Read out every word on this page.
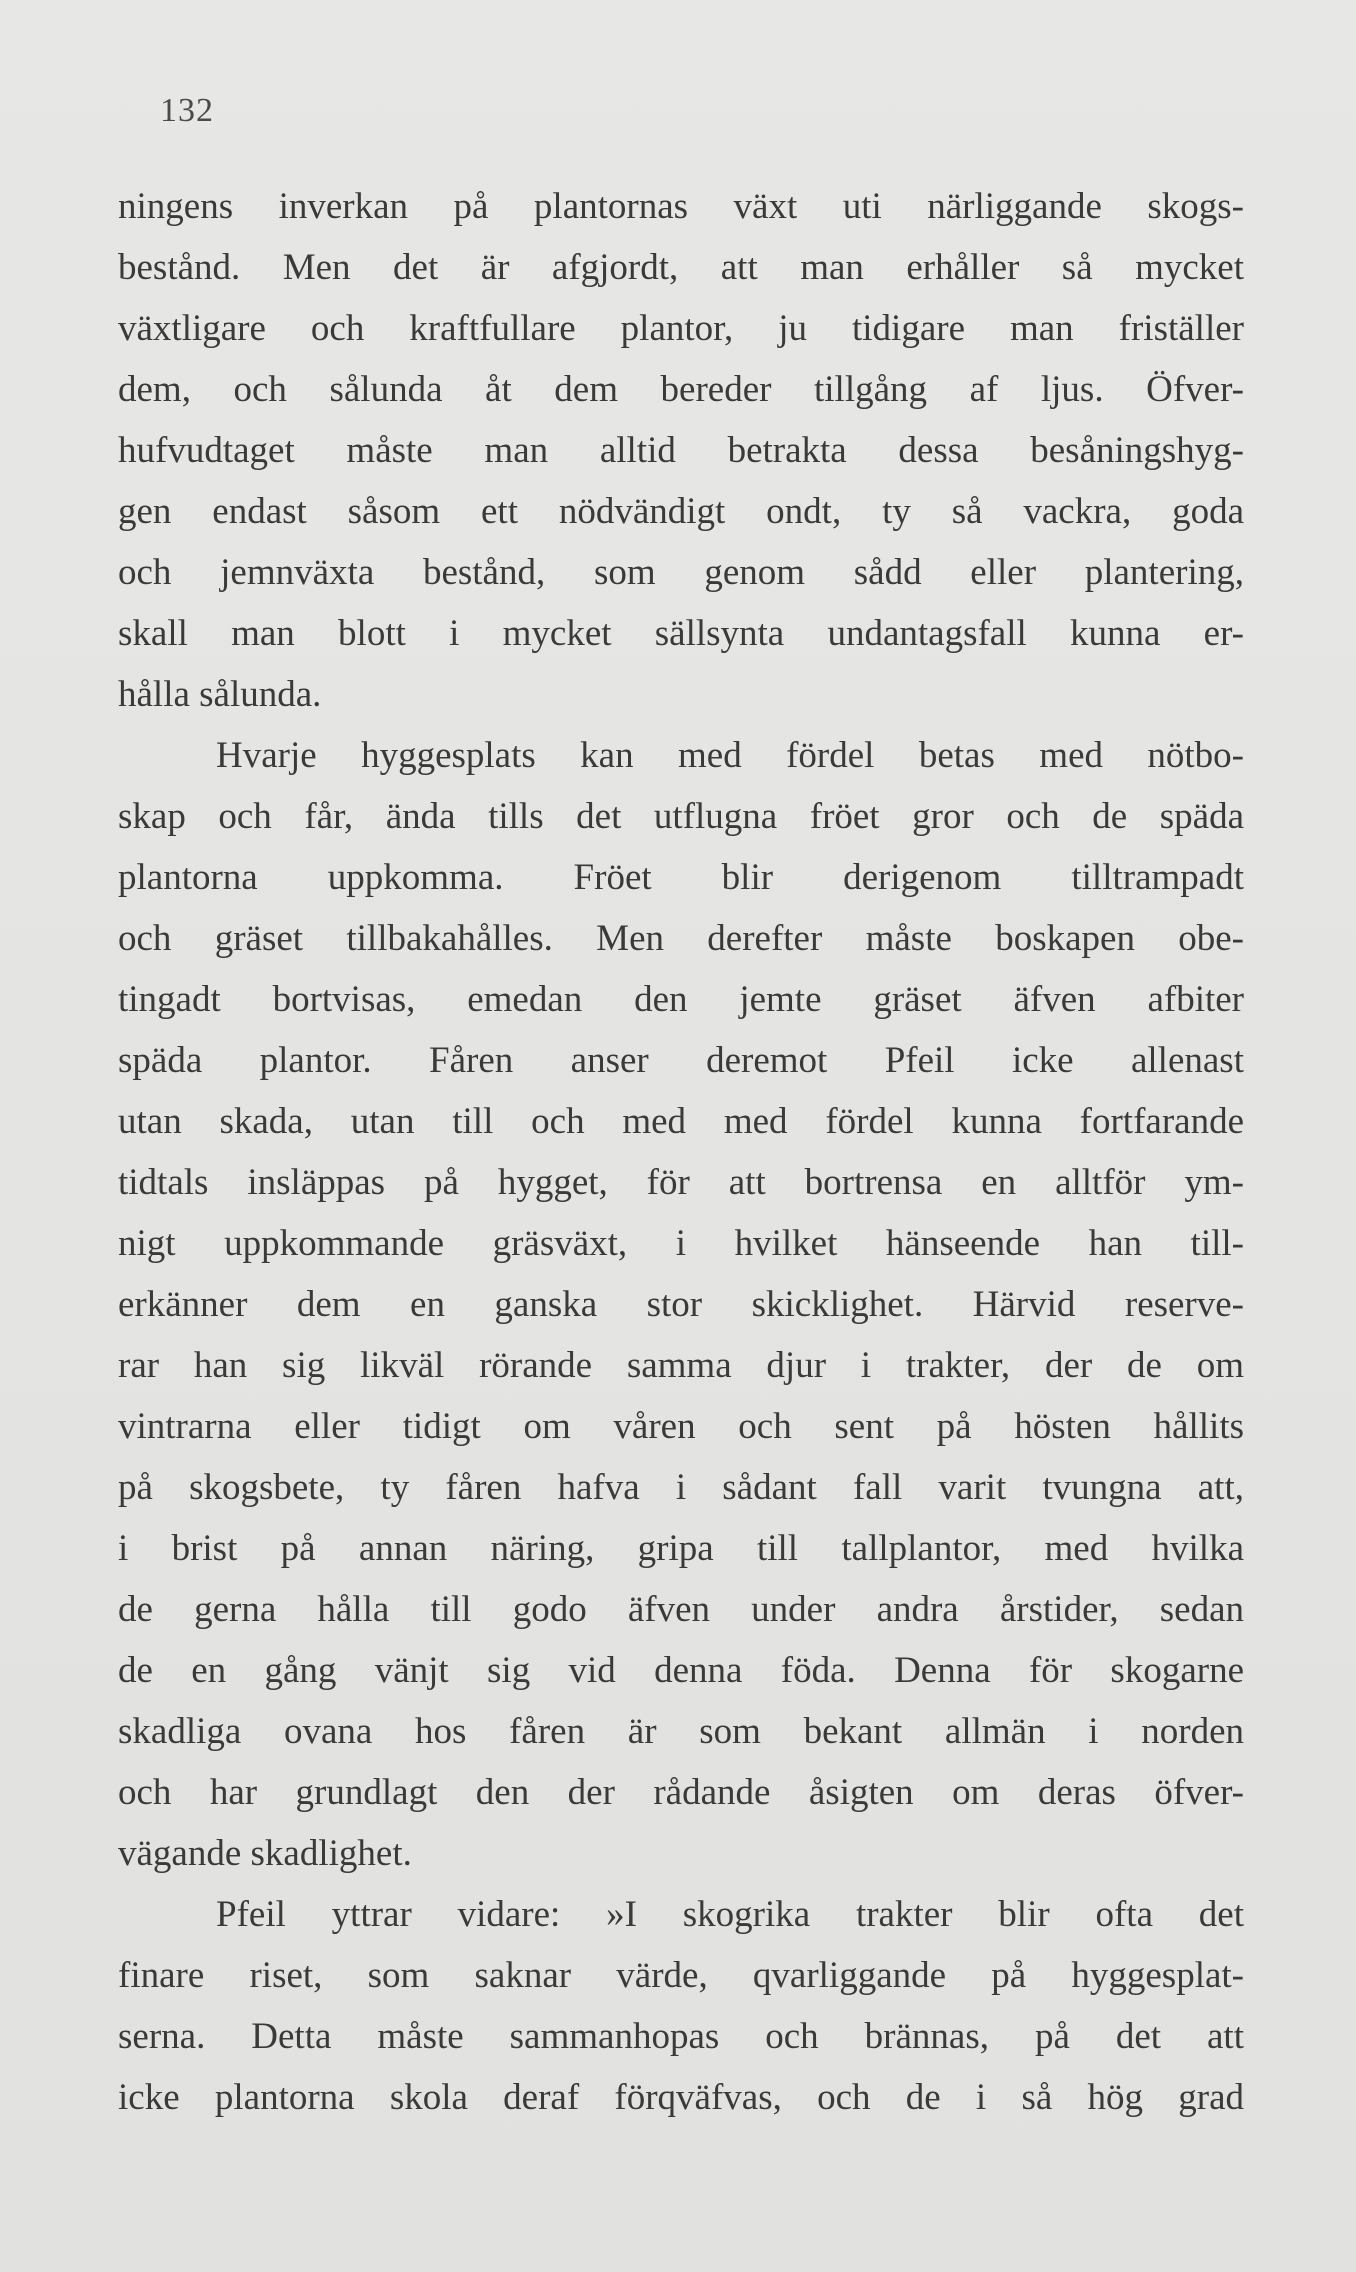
132
ningens inverkan på plantornas växt uti närliggande skogs-
bestånd. Men det är afgjordt, att man erhåller så mycket
växtligare och kraftfullare plantor, ju tidigare man friställer
dem, och sålunda åt dem bereder tillgång af ljus. Öfver-
hufvudtaget måste man alltid betrakta dessa besåningshyg-
gen endast såsom ett nödvändigt ondt, ty så vackra, goda
och jemnväxta bestånd, som genom sådd eller plantering,
skall man blott i mycket sällsynta undantagsfall kunna er-
hålla sålunda.
Hvarje hyggesplats kan med fördel betas med nötbo-
skap och får, ända tills det utflugna fröet gror och de späda
plantorna uppkomma. Fröet blir derigenom tilltrampadt
och gräset tillbakahålles. Men derefter måste boskapen obe-
tingadt bortvisas, emedan den jemte gräset äfven afbiter
späda plantor. Fåren anser deremot Pfeil icke allenast
utan skada, utan till och med med fördel kunna fortfarande
tidtals insläppas på hygget, för att bortrensa en alltför ym-
nigt uppkommande gräsväxt, i hvilket hänseende han till-
erkänner dem en ganska stor skicklighet. Härvid reserve-
rar han sig likväl rörande samma djur i trakter, der de om
vintrarna eller tidigt om våren och sent på hösten hållits
på skogsbete, ty fåren hafva i sådant fall varit tvungna att,
i brist på annan näring, gripa till tallplantor, med hvilka
de gerna hålla till godo äfven under andra årstider, sedan
de en gång vänjt sig vid denna föda. Denna för skogarne
skadliga ovana hos fåren är som bekant allmän i norden
och har grundlagt den der rådande åsigten om deras öfver-
vägande skadlighet.
Pfeil yttrar vidare: »I skogrika trakter blir ofta det
finare riset, som saknar värde, qvarliggande på hyggesplat-
serna. Detta måste sammanhopas och brännas, på det att
icke plantorna skola deraf förqväfvas, och de i så hög grad
